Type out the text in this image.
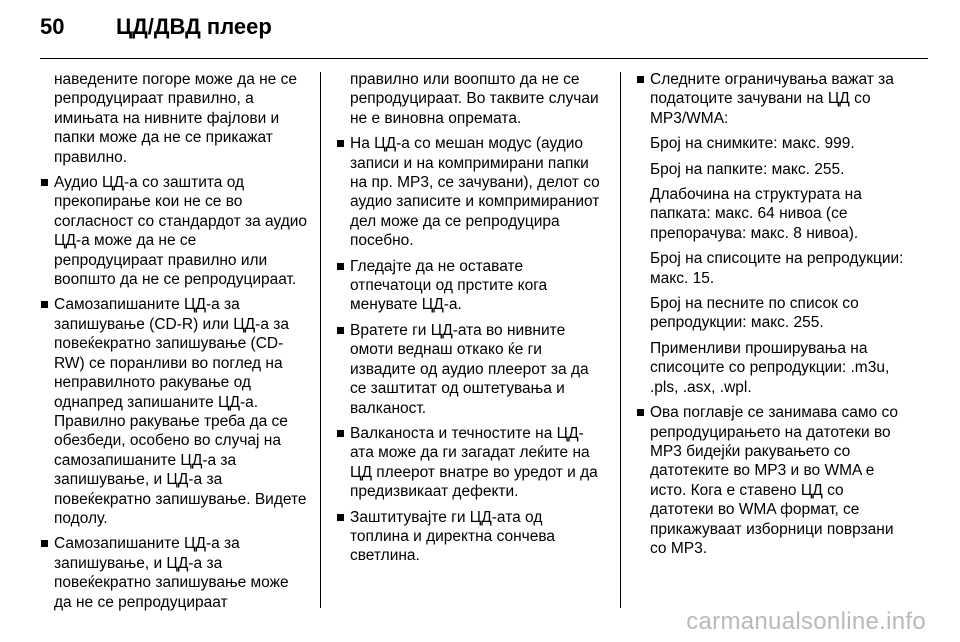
50	ЦД/ДВД плеер

наведените погоре може да не се репродуцираат правилно, а имињата на нивните фајлови и папки може да не се прикажат правилно.

Аудио ЦД-а со заштита од прекопирање кои не се во согласност со стандардот за аудио ЦД-а може да не се репродуцираат правилно или воопшто да не се репродуцираат.

Самозапишаните ЦД-а за запишување (CD-R) или ЦД-а за повеќекратно запишување (CD-RW) се поранливи во поглед на неправилното ракување од однапред запишаните ЦД-а. Правилно ракување треба да се обезбеди, особено во случај на самозапишаните ЦД-а за запишување, и ЦД-а за повеќекратно запишување. Видете подолу.

Самозапишаните ЦД-а за запишување, и ЦД-а за повеќекратно запишување може да не се репродуцираат

правилно или воопшто да не се репродуцираат. Во таквите случаи не е виновна опремата.

На ЦД-а со мешан модус (аудио записи и на компримирани папки на пр. MP3, се зачувани), делот со аудио записите и компримираниот дел може да се репродуцира посебно.

Гледајте да не оставате отпечатоци од прстите кога менувате ЦД-а.

Вратете ги ЦД-ата во нивните омоти веднаш откако ќе ги извадите од аудио плеерот за да се заштитат од оштетувања и валканост.

Валканоста и течностите на ЦД-ата може да ги загадат леќите на ЦД плеерот внатре во уредот и да предизвикаат дефекти.

Заштитувајте ги ЦД-ата од топлина и директна сончева светлина.

Следните ограничувања важат за податоците зачувани на ЦД со MP3/WMA:

Број на снимките: макс. 999.

Број на папките: макс. 255.

Длабочина на структурата на папката: макс. 64 нивоа (се препорачува: макс. 8 нивоа).

Број на списоците на репродукции: макс. 15.

Број на песните по список со репродукции: макс. 255.

Применливи проширувања на списоците со репродукции: .m3u, .pls, .asx, .wpl.

Ова поглавје се занимава само со репродуцирањето на датотеки во MP3 бидејќи ракувањето со датотеките во MP3 и во WMA е исто. Кога е ставено ЦД со датотеки во WMA формат, се прикажуваат изборници поврзани со MP3.

carmanualsonline.info
